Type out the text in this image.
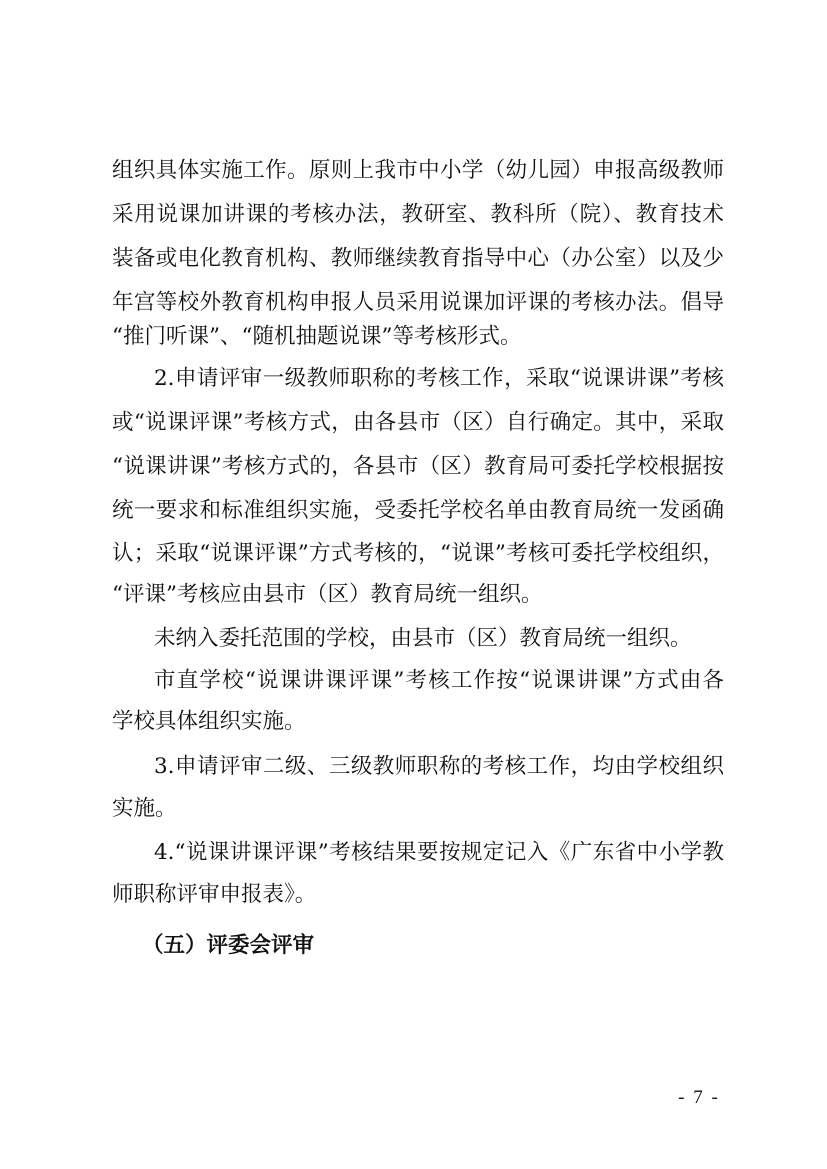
组织具体实施工作。原则上我市中小学（幼儿园）申报高级教师
采用说课加讲课的考核办法，教研室、教科所（院）、教育技术
装备或电化教育机构、教师继续教育指导中心（办公室）以及少
年宫等校外教育机构申报人员采用说课加评课的考核办法。倡导
“推门听课”、“随机抽题说课”等考核形式。
2.申请评审一级教师职称的考核工作，采取“说课讲课”考核
或“说课评课”考核方式，由各县市（区）自行确定。其中，采取
“说课讲课”考核方式的，各县市（区）教育局可委托学校根据按
统一要求和标准组织实施，受委托学校名单由教育局统一发函确
认；采取“说课评课”方式考核的，“说课”考核可委托学校组织，
“评课”考核应由县市（区）教育局统一组织。
未纳入委托范围的学校，由县市（区）教育局统一组织。
市直学校“说课讲课评课”考核工作按“说课讲课”方式由各
学校具体组织实施。
3.申请评审二级、三级教师职称的考核工作，均由学校组织
实施。
4.“说课讲课评课”考核结果要按规定记入《广东省中小学教
师职称评审申报表》。
（五）评委会评审
- 7 -
